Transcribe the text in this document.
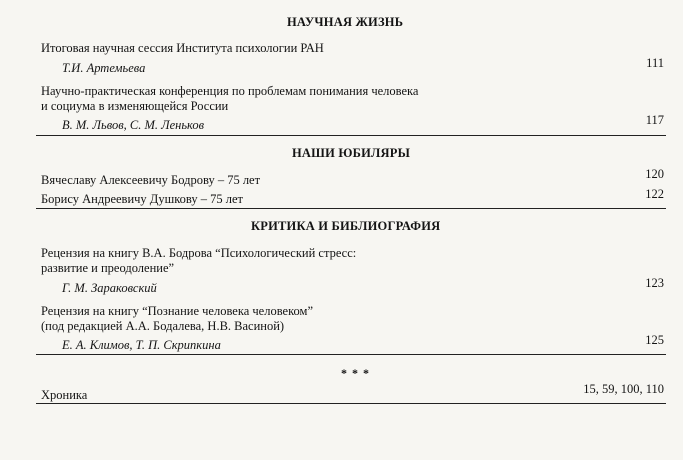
НАУЧНАЯ ЖИЗНЬ
Итоговая научная сессия Института психологии РАН
Т.И. Артемьева	111
Научно-практическая конференция по проблемам понимания человека
и социума в изменяющейся России
В. М. Львов, С. М. Леньков	117
НАШИ ЮБИЛЯРЫ
Вячеславу Алексеевичу Бодрову – 75 лет	120
Борису Андреевичу Душкову – 75 лет	122
КРИТИКА И БИБЛИОГРАФИЯ
Рецензия на книгу В.А. Бодрова “Психологический стресс:
развитие и преодоление”
Г. М. Зараковский	123
Рецензия на книгу “Познание человека человеком”
(под редакцией А.А. Бодалева, Н.В. Васиной)
Е. А. Климов, Т. П. Скрипкина	125
* * *
Хроника	15, 59, 100, 110
